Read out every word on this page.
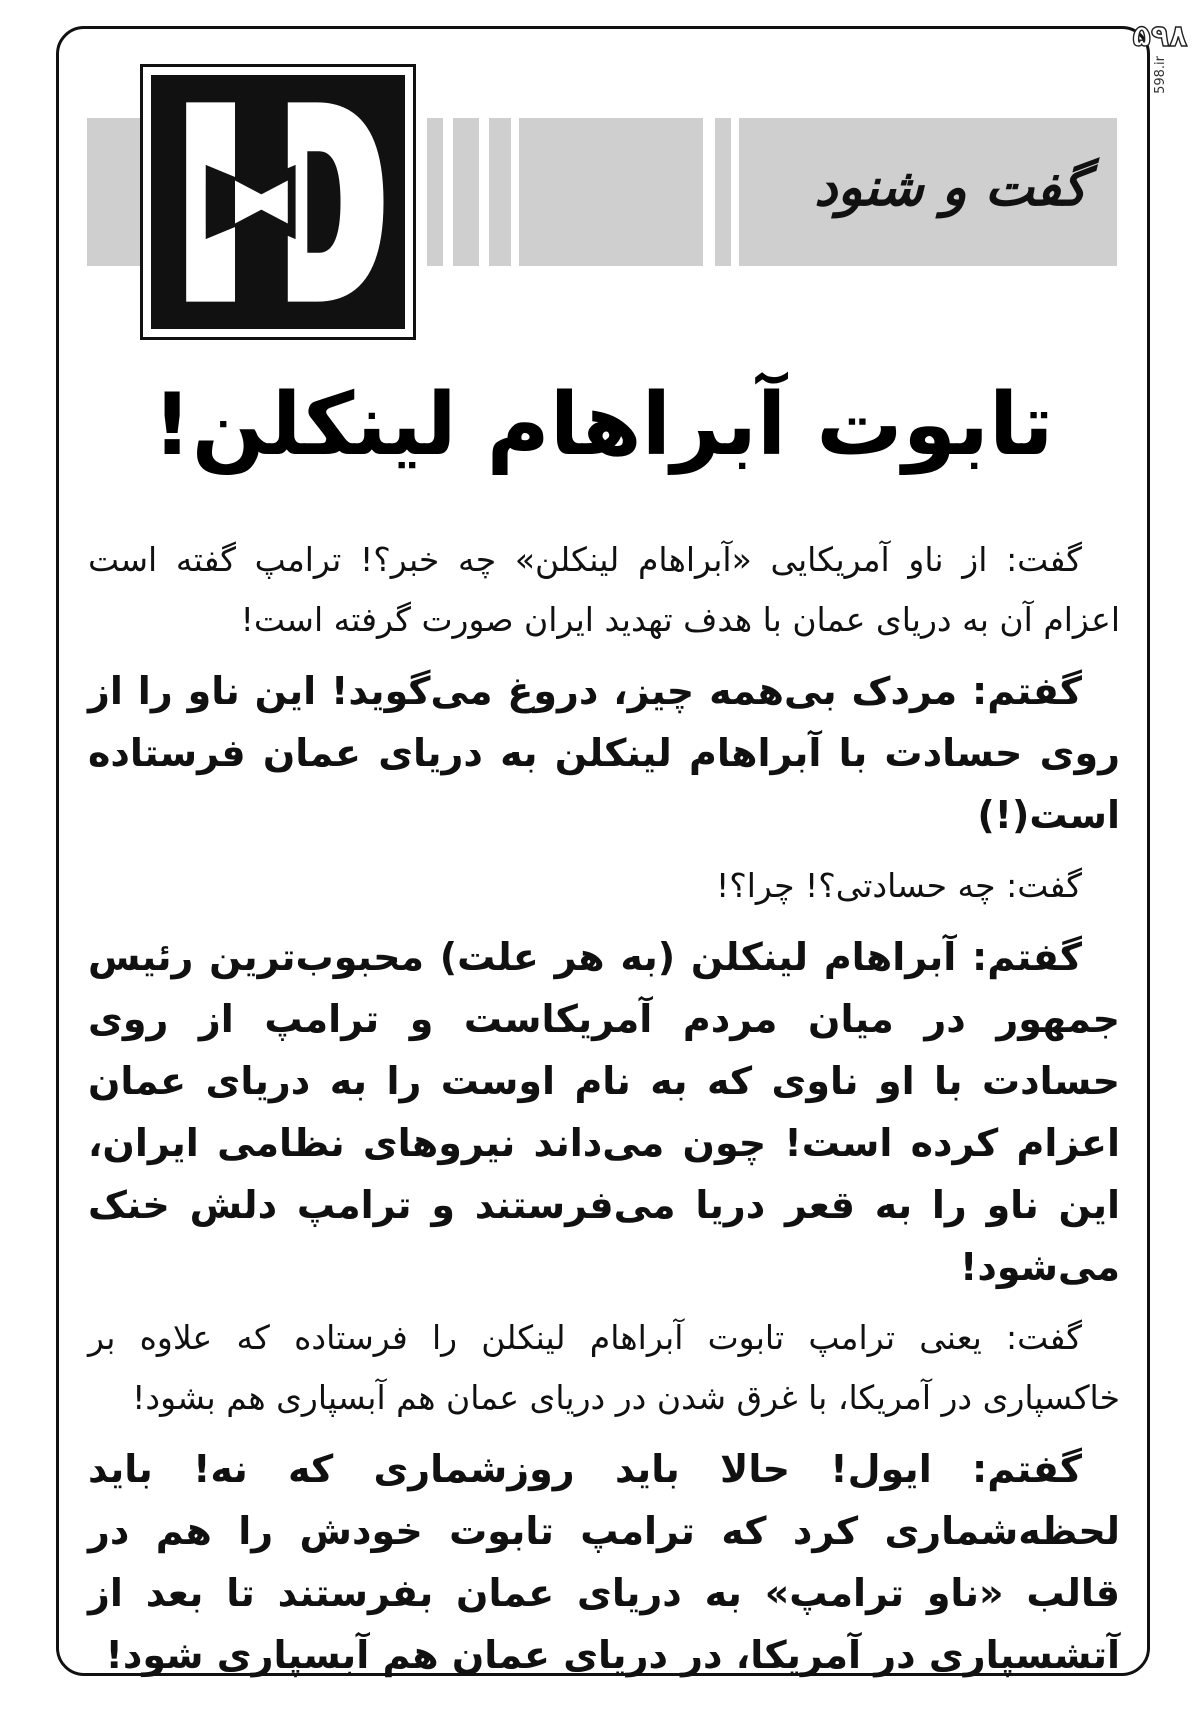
۵۹۸
598.ir
گفت و شنود
تابوت آبراهام لینکلن!

گفت: از ناو آمریکایی «آبراهام لینکلن» چه خبر؟! ترامپ گفته است اعزام آن به دریای عمان با هدف تهدید ایران صورت گرفته است!

گفتم: مردک بی‌همه چیز، دروغ می‌گوید! این ناو را از روی حسادت با آبراهام لینکلن به دریای عمان فرستاده است(!)

گفت: چه حسادتی؟! چرا؟!

گفتم: آبراهام لینکلن (به هر علت) محبوب‌ترین رئیس جمهور در میان مردم آمریکاست و ترامپ از روی حسادت با او ناوی که به نام اوست را به دریای عمان اعزام کرده است! چون می‌داند نیروهای نظامی ایران، این ناو را به قعر دریا می‌فرستند و ترامپ دلش خنک می‌شود!

گفت: یعنی ترامپ تابوت آبراهام لینکلن را فرستاده که علاوه بر خاکسپاری در آمریکا، با غرق شدن در دریای عمان هم آبسپاری هم بشود!

گفتم: ایول! حالا باید روزشماری که نه! باید لحظه‌شماری کرد که ترامپ تابوت خودش را هم در قالب «ناو ترامپ» به دریای عمان بفرستند تا بعد از آتشسپاری در آمریکا، در دریای عمان هم آبسپاری شود!
